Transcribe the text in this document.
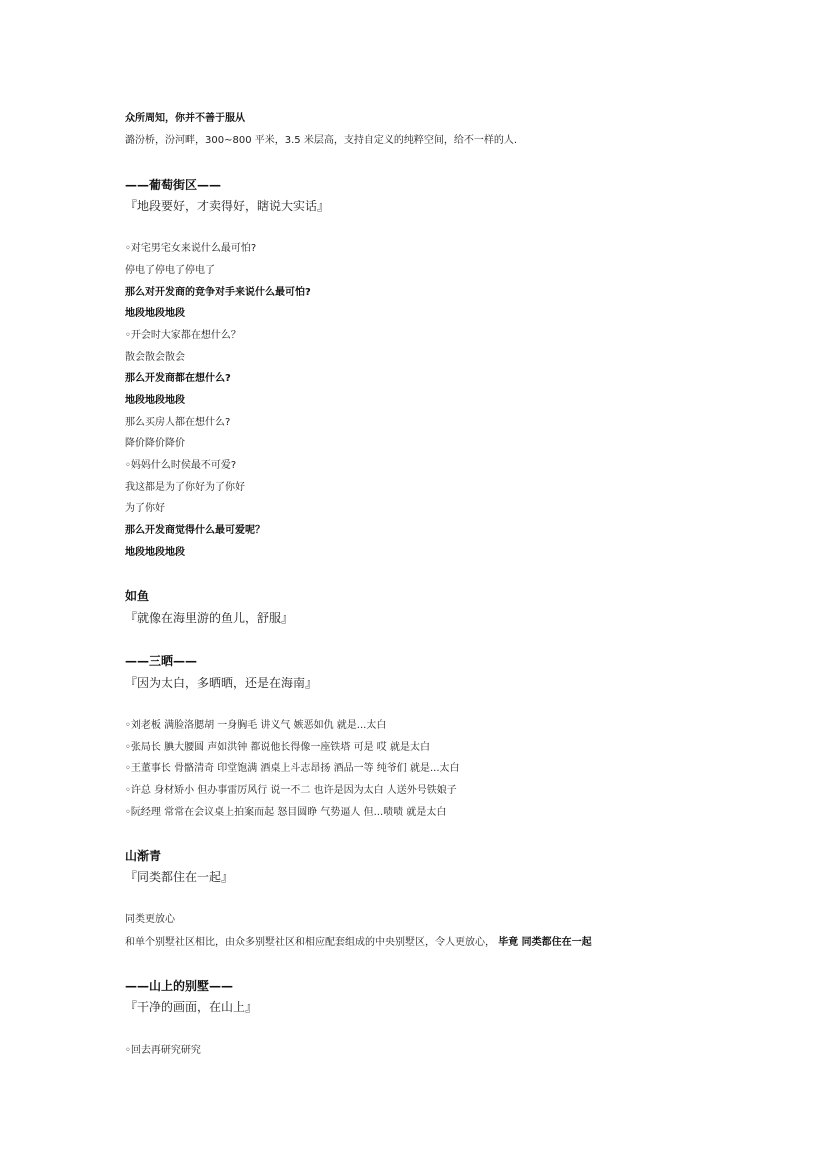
众所周知，你并不善于服从
潞汾桥，汾河畔，300~800 平米，3.5 米层高，支持自定义的纯粹空间，给不一样的人.
——葡萄街区——
『地段要好，才卖得好，瞎说大实话』
◦对宅男宅女来说什么最可怕?
停电了停电了停电了
那么对开发商的竞争对手来说什么最可怕?
地段地段地段
◦开会时大家都在想什么？
散会散会散会
那么开发商都在想什么?
地段地段地段
那么买房人都在想什么?
降价降价降价
◦妈妈什么时侯最不可爱?
我这都是为了你好为了你好
为了你好
那么开发商觉得什么最可爱呢？
地段地段地段
如鱼
『就像在海里游的鱼儿，舒服』
——三晒——
『因为太白，多晒晒，还是在海南』
◦刘老板 满脸洛腮胡 一身胸毛 讲义气 嫉恶如仇 就是...太白
◦张局长 腆大腰圆 声如洪钟 都说他长得像一座铁塔 可是 哎 就是太白
◦王董事长 骨骼清奇 印堂饱满 酒桌上斗志昂扬 酒品一等 纯爷们 就是...太白
◦许总 身材矫小 但办事雷厉风行 说一不二 也许是因为太白 人送外号铁娘子
◦阮经理 常常在会议桌上拍案而起 怒目圆睁 气势逼人 但...啧啧 就是太白
山渐青
『同类都住在一起』
同类更放心
和单个别墅社区相比，由众多别墅社区和相应配套组成的中央别墅区，令人更放心， 毕竟 同类都住在一起
——山上的别墅——
『干净的画面，在山上』
◦回去再研究研究
